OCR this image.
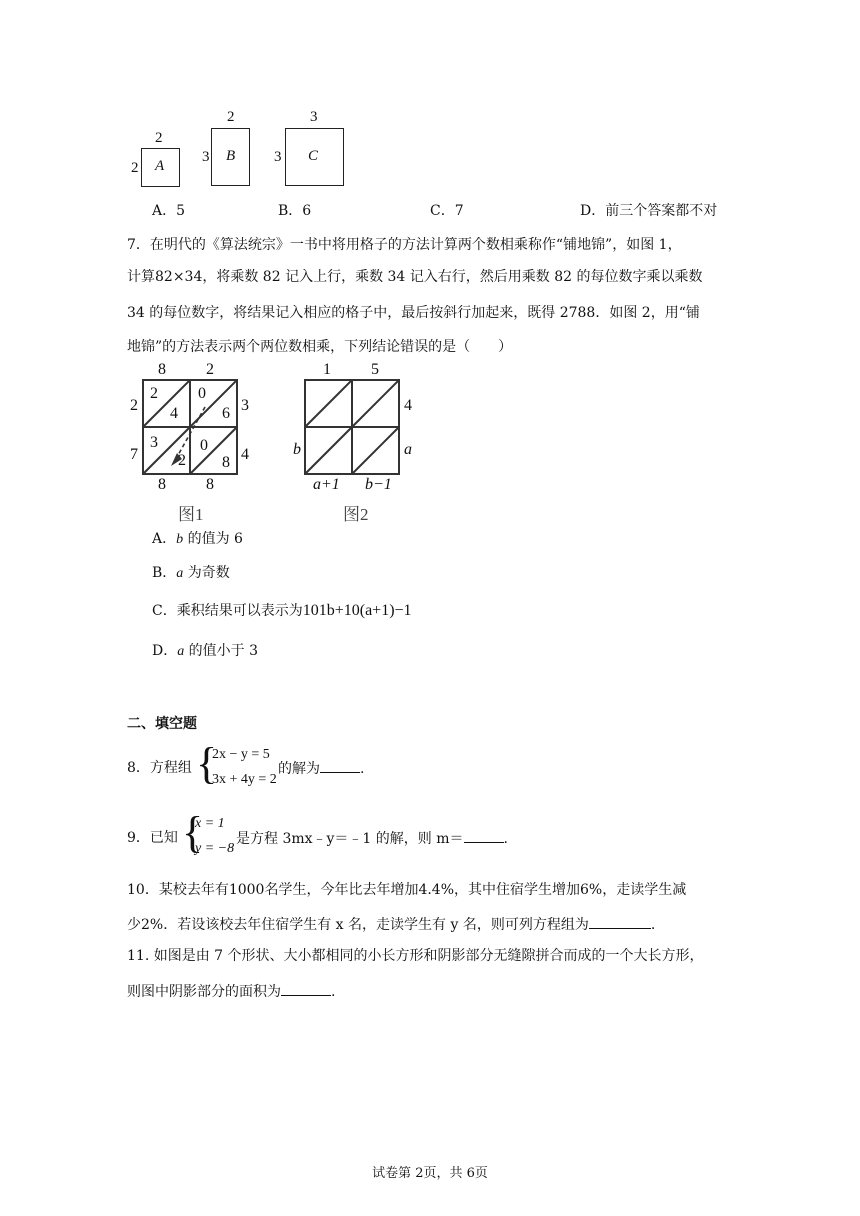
2
2 A
2
3 B
3
3 C
A．5	B．6	C．7	D．前三个答案都不对
7．在明代的《算法统宗》一书中将用格子的方法计算两个数相乘称作“铺地锦”，如图 1，
计算82×34，将乘数 82 记入上行，乘数 34 记入右行，然后用乘数 82 的每位数字乘以乘数
34 的每位数字，将结果记入相应的格子中，最后按斜行加起来，既得 2788．如图 2，用“铺
地锦”的方法表示两个两位数相乘，下列结论错误的是（　　）
8	2
2
7
3
4
8	8
2
4
0
6
3
2
0
8
图1
1	5
b
4
a
a+1 b−1
图2
A．b 的值为 6
B．a 为奇数
C．乘积结果可以表示为101b+10(a+1)−1
D．a 的值小于 3
二、填空题
8．方程组 {
2x − y = 5
3x + 4y = 2
的解为	.
9．已知 {
x = 1
y = −8
是方程 3mx﹣y＝﹣1 的解，则 m＝	.
10．某校去年有1000名学生，今年比去年增加4.4%，其中住宿学生增加6%，走读学生减
少2%．若设该校去年住宿学生有 x 名，走读学生有 y 名，则可列方程组为	.
11. 如图是由 7 个形状、大小都相同的小长方形和阴影部分无缝隙拼合而成的一个大长方形，
则图中阴影部分的面积为	.
试卷第 2页，共 6页
